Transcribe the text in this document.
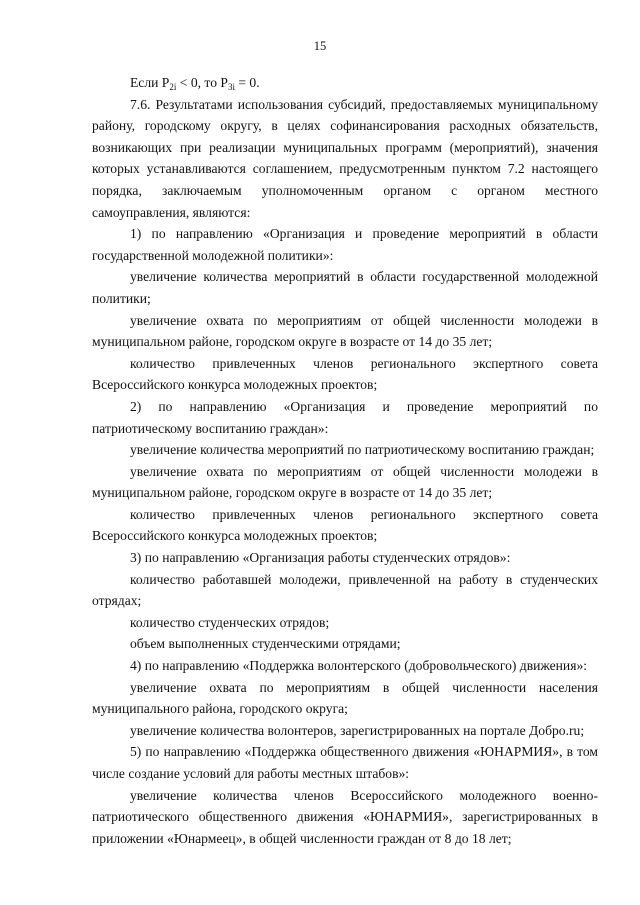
15

Если $P_{2i} < 0$, то $P_{3i} = 0$.

7.6. Результатами использования субсидий, предоставляемых муниципальному району, городскому округу, в целях софинансирования расходных обязательств, возникающих при реализации муниципальных программ (мероприятий), значения которых устанавливаются соглашением, предусмотренным пунктом 7.2 настоящего порядка, заключаемым уполномоченным органом с органом местного самоуправления, являются:

1) по направлению «Организация и проведение мероприятий в области государственной молодежной политики»:

увеличение количества мероприятий в области государственной молодежной политики;

увеличение охвата по мероприятиям от общей численности молодежи в муниципальном районе, городском округе в возрасте от 14 до 35 лет;

количество привлеченных членов регионального экспертного совета Всероссийского конкурса молодежных проектов;

2) по направлению «Организация и проведение мероприятий по патриотическому воспитанию граждан»:

увеличение количества мероприятий по патриотическому воспитанию граждан;

увеличение охвата по мероприятиям от общей численности молодежи в муниципальном районе, городском округе в возрасте от 14 до 35 лет;

количество привлеченных членов регионального экспертного совета Всероссийского конкурса молодежных проектов;

3) по направлению «Организация работы студенческих отрядов»:

количество работавшей молодежи, привлеченной на работу в студенческих отрядах;

количество студенческих отрядов;

объем выполненных студенческими отрядами;

4) по направлению «Поддержка волонтерского (добровольческого) движения»:

увеличение охвата по мероприятиям в общей численности населения муниципального района, городского округа;

увеличение количества волонтеров, зарегистрированных на портале Добро.ru;

5) по направлению «Поддержка общественного движения «ЮНАРМИЯ», в том числе создание условий для работы местных штабов»:

увеличение количества членов Всероссийского молодежного военно-патриотического общественного движения «ЮНАРМИЯ», зарегистрированных в приложении «Юнармеец», в общей численности граждан от 8 до 18 лет;
